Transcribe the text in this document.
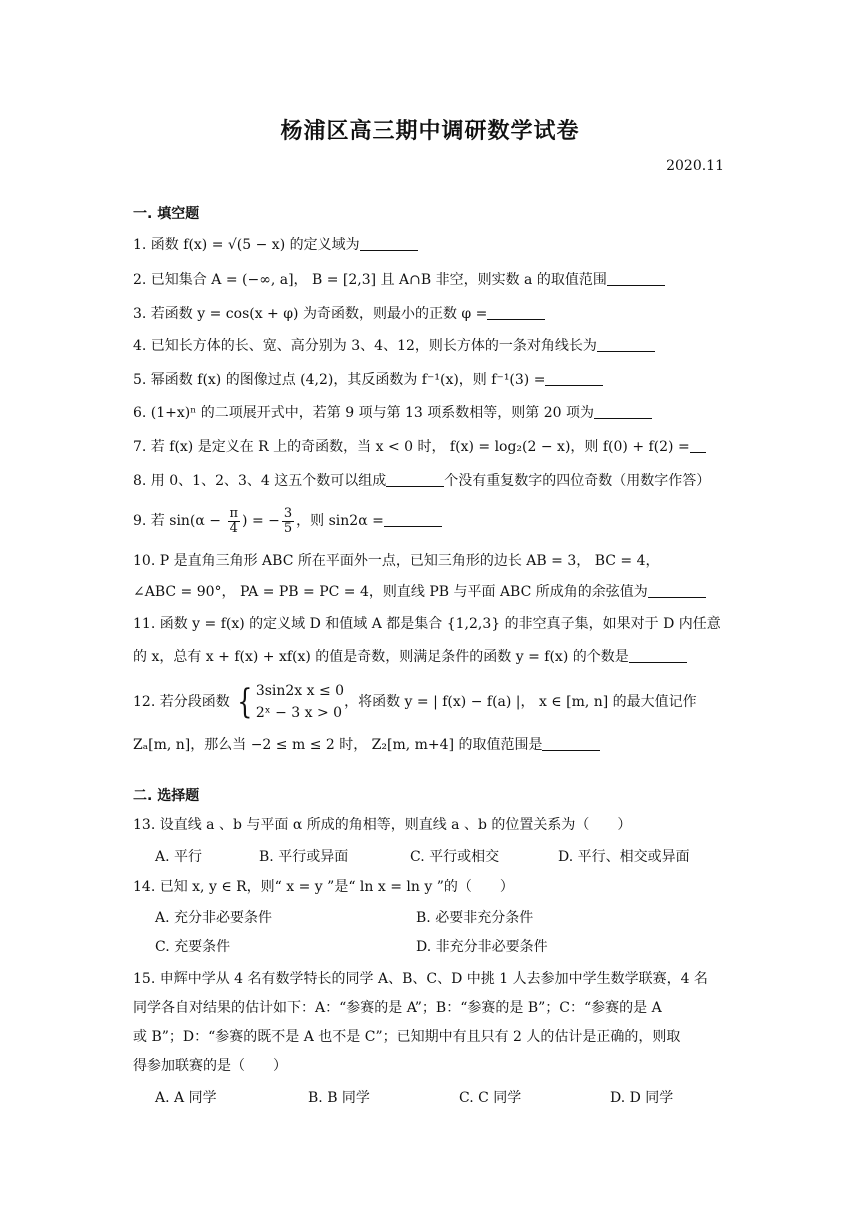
杨浦区高三期中调研数学试卷
2020.11
一. 填空题
1. 函数 f(x) = √(5 − x) 的定义域为
2. 已知集合 A = (−∞, a]， B = [2,3] 且 A∩B 非空，则实数 a 的取值范围
3. 若函数 y = cos(x + φ) 为奇函数，则最小的正数 φ =
4. 已知长方体的长、宽、高分别为 3、4、12，则长方体的一条对角线长为
5. 幂函数 f(x) 的图像过点 (4,2)，其反函数为 f⁻¹(x)，则 f⁻¹(3) =
6. (1+x)ⁿ 的二项展开式中，若第 9 项与第 13 项系数相等，则第 20 项为
7. 若 f(x) 是定义在 R 上的奇函数，当 x < 0 时， f(x) = log₂(2 − x)，则 f(0) + f(2) =
8. 用 0、1、2、3、4 这五个数可以组成	个没有重复数字的四位奇数（用数字作答）
9. 若 $\sin(\alpha - \frac{\pi}{4}$ ) = − $\frac{3}{5}$ ，则 sin2α =
10. P 是直角三角形 ABC 所在平面外一点，已知三角形的边长 AB = 3， BC = 4，
∠ABC = 90°， PA = PB = PC = 4，则直线 PB 与平面 ABC 所成角的余弦值为
11. 函数 y = f(x) 的定义域 D 和值域 A 都是集合 {1,2,3} 的非空真子集，如果对于 D 内任意
的 x，总有 x + f(x) + xf(x) 的值是奇数，则满足条件的函数 y = f(x) 的个数是
12. 若分段函数 { 3sin2x x ≤ 0
2ˣ − 3 x > 0
，将函数 y = | f(x) − f(a) |， x ∈ [m, n] 的最大值记作
Zₐ[m, n]，那么当 −2 ≤ m ≤ 2 时， Z₂[m, m+4] 的取值范围是
二. 选择题
13. 设直线 a 、b 与平面 α 所成的角相等，则直线 a 、b 的位置关系为（　　）
A. 平行	B. 平行或异面	C. 平行或相交	D. 平行、相交或异面
14. 已知 x, y ∈ R，则“ x = y ”是“ ln x = ln y ”的（　　）
A. 充分非必要条件	B. 必要非充分条件
C. 充要条件	D. 非充分非必要条件
15. 申辉中学从 4 名有数学特长的同学 A、B、C、D 中挑 1 人去参加中学生数学联赛，4 名
同学各自对结果的估计如下：A：“参赛的是 A”；B：“参赛的是 B”；C：“参赛的是 A
或 B”；D：“参赛的既不是 A 也不是 C”；已知期中有且只有 2 人的估计是正确的，则取
得参加联赛的是（　　）
A. A 同学	B. B 同学	C. C 同学	D. D 同学
